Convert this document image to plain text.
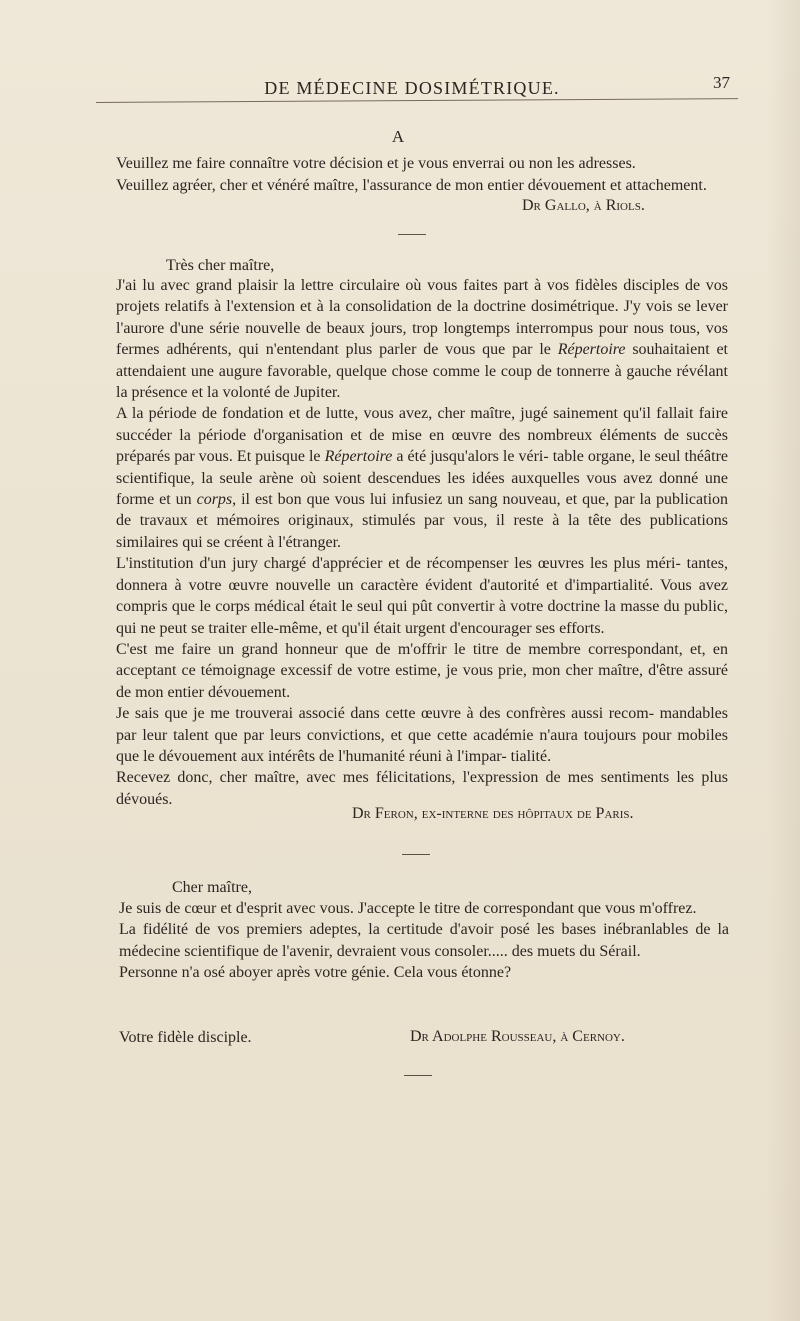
DE MÉDECINE DOSIMÉTRIQUE.	37
A
Veuillez me faire connaître votre décision et je vous enverrai ou non les adresses.
Veuillez agréer, cher et vénéré maître, l'assurance de mon entier dévouement et attachement.
Dr Gallo, à Riols.
Très cher maître,

J'ai lu avec grand plaisir la lettre circulaire où vous faites part à vos fidèles disciples de vos projets relatifs à l'extension et à la consolidation de la doctrine dosimétrique. J'y vois se lever l'aurore d'une série nouvelle de beaux jours, trop longtemps interrompus pour nous tous, vos fermes adhérents, qui n'entendant plus parler de vous que par le Répertoire souhaitaient et attendaient une augure favorable, quelque chose comme le coup de tonnerre à gauche révélant la présence et la volonté de Jupiter.

A la période de fondation et de lutte, vous avez, cher maître, jugé sainement qu'il fallait faire succéder la période d'organisation et de mise en œuvre des nombreux éléments de succès préparés par vous. Et puisque le Répertoire a été jusqu'alors le véri- table organe, le seul théâtre scientifique, la seule arène où soient descendues les idées auxquelles vous avez donné une forme et un corps, il est bon que vous lui infusiez un sang nouveau, et que, par la publication de travaux et mémoires originaux, stimulés par vous, il reste à la tête des publications similaires qui se créent à l'étranger.

L'institution d'un jury chargé d'apprécier et de récompenser les œuvres les plus méri- tantes, donnera à votre œuvre nouvelle un caractère évident d'autorité et d'impartialité. Vous avez compris que le corps médical était le seul qui pût convertir à votre doctrine la masse du public, qui ne peut se traiter elle-même, et qu'il était urgent d'encourager ses efforts.

C'est me faire un grand honneur que de m'offrir le titre de membre correspondant, et, en acceptant ce témoignage excessif de votre estime, je vous prie, mon cher maître, d'être assuré de mon entier dévouement.

Je sais que je me trouverai associé dans cette œuvre à des confrères aussi recom- mandables par leur talent que par leurs convictions, et que cette académie n'aura toujours pour mobiles que le dévouement aux intérêts de l'humanité réuni à l'impar- tialité.

Recevez donc, cher maître, avec mes félicitations, l'expression de mes sentiments les plus dévoués.

Dr Feron, ex-interne des hôpitaux de Paris.
Cher maître,

Je suis de cœur et d'esprit avec vous. J'accepte le titre de correspondant que vous m'offrez.

La fidélité de vos premiers adeptes, la certitude d'avoir posé les bases inébranlables de la médecine scientifique de l'avenir, devraient vous consoler..... des muets du Sérail.

Personne n'a osé aboyer après votre génie. Cela vous étonne?

Votre fidèle disciple.	Dr Adolphe Rousseau, à Cernoy.
